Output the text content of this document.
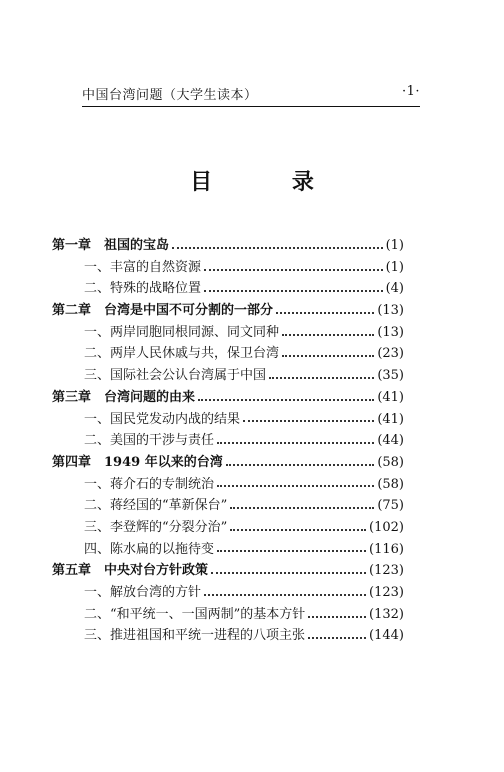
中国台湾问题（大学生读本）	·1·
目 录
第一章 祖国的宝岛	(1)
一、丰富的自然资源	(1)
二、特殊的战略位置	(4)
第二章 台湾是中国不可分割的一部分	(13)
一、两岸同胞同根同源、同文同种	(13)
二、两岸人民休戚与共，保卫台湾	(23)
三、国际社会公认台湾属于中国	(35)
第三章 台湾问题的由来	(41)
一、国民党发动内战的结果	(41)
二、美国的干涉与责任	(44)
第四章 1949 年以来的台湾	(58)
一、蒋介石的专制统治	(58)
二、蒋经国的“革新保台”	(75)
三、李登辉的“分裂分治”	(102)
四、陈水扁的以拖待变	(116)
第五章 中央对台方针政策	(123)
一、解放台湾的方针	(123)
二、“和平统一、一国两制”的基本方针	(132)
三、推进祖国和平统一进程的八项主张	(144)
